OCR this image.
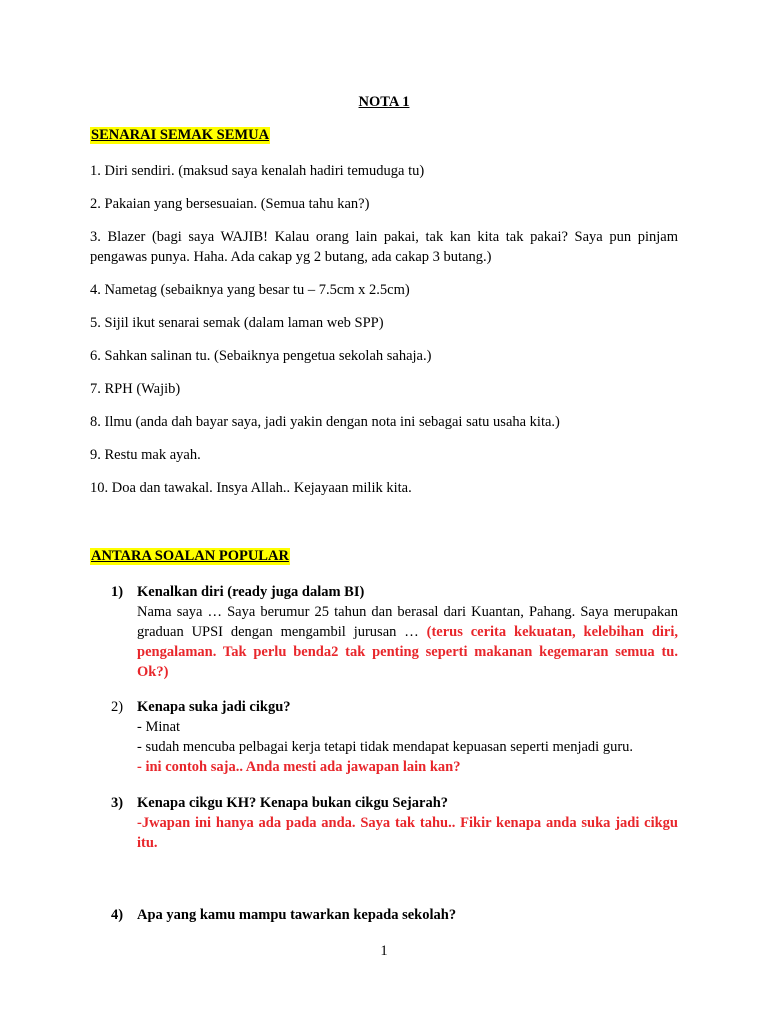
NOTA 1
SENARAI SEMAK SEMUA
1. Diri sendiri. (maksud saya kenalah hadiri temuduga tu)
2. Pakaian yang bersesuaian. (Semua tahu kan?)
3. Blazer (bagi saya WAJIB! Kalau orang lain pakai, tak kan kita tak pakai? Saya pun pinjam pengawas punya. Haha. Ada cakap yg 2 butang, ada cakap 3 butang.)
4. Nametag (sebaiknya yang besar tu – 7.5cm x 2.5cm)
5. Sijil ikut senarai semak (dalam laman web SPP)
6. Sahkan salinan tu. (Sebaiknya pengetua sekolah sahaja.)
7. RPH (Wajib)
8. Ilmu (anda dah bayar saya, jadi yakin dengan nota ini sebagai satu usaha kita.)
9. Restu mak ayah.
10. Doa dan tawakal. Insya Allah.. Kejayaan milik kita.
ANTARA SOALAN POPULAR
1) Kenalkan diri (ready juga dalam BI)
Nama saya … Saya berumur 25 tahun dan berasal dari Kuantan, Pahang. Saya merupakan graduan UPSI dengan mengambil jurusan … (terus cerita kekuatan, kelebihan diri, pengalaman. Tak perlu benda2 tak penting seperti makanan kegemaran semua tu. Ok?)
2) Kenapa suka jadi cikgu?
- Minat
- sudah mencuba pelbagai kerja tetapi tidak mendapat kepuasan seperti menjadi guru.
- ini contoh saja.. Anda mesti ada jawapan lain kan?
3) Kenapa cikgu KH? Kenapa bukan cikgu Sejarah?
-Jwapan ini hanya ada pada anda. Saya tak tahu.. Fikir kenapa anda suka jadi cikgu itu.
4) Apa yang kamu mampu tawarkan kepada sekolah?
1
